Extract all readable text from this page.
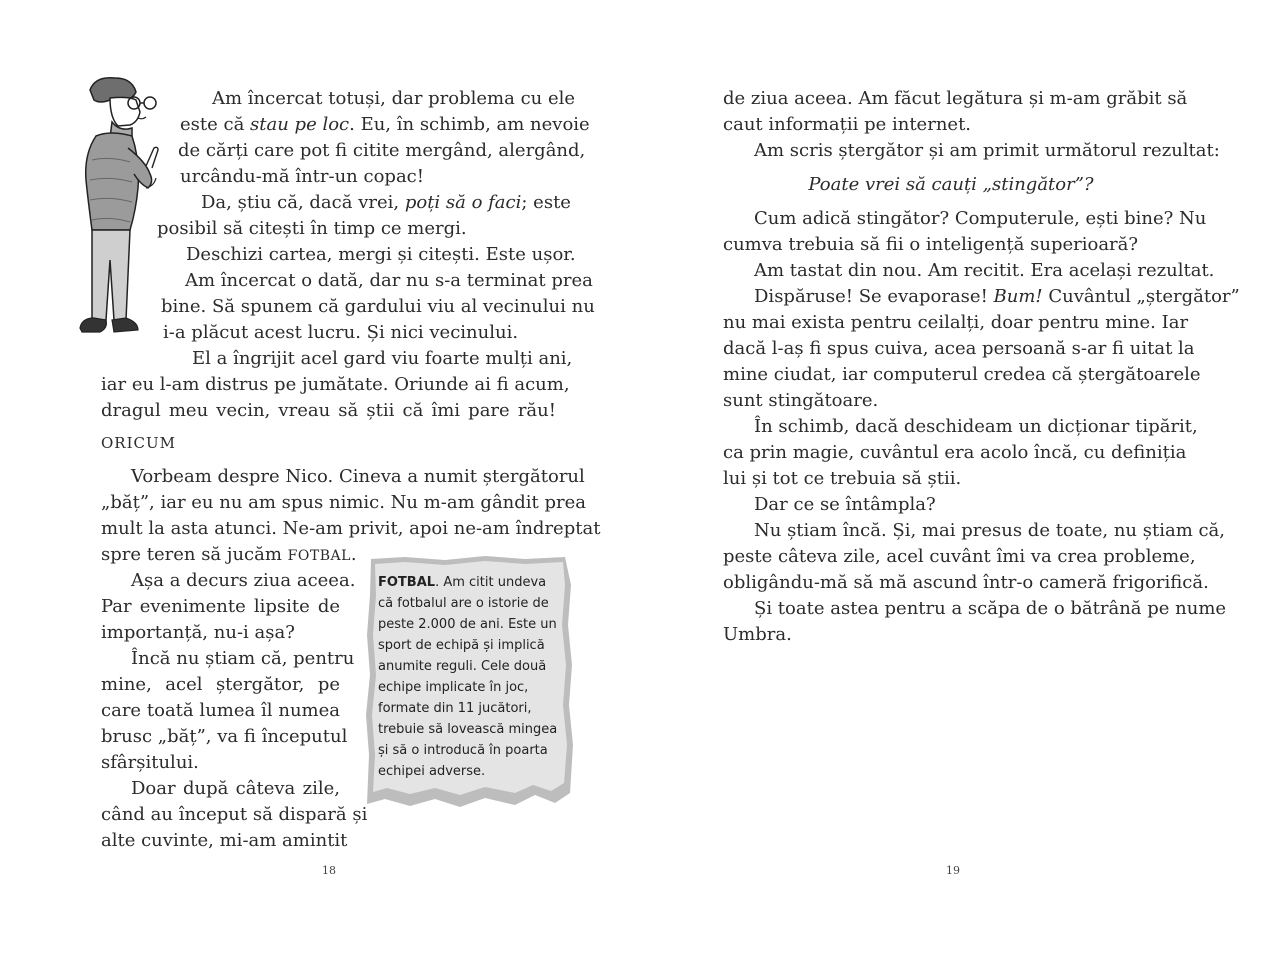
Am încercat totuși, dar problema cu ele

este că stau pe loc. Eu, în schimb, am nevoie

de cărți care pot fi citite mergând, alergând,

urcându-mă într-un copac!

Da, știu că, dacă vrei, poți să o faci; este

posibil să citești în timp ce mergi.

Deschizi cartea, mergi și citești. Este ușor.

Am încercat o dată, dar nu s-a terminat prea

bine. Să spunem că gardului viu al vecinului nu

i-a plăcut acest lucru. Și nici vecinului.

El a îngrijit acel gard viu foarte mulți ani,

iar eu l-am distrus pe jumătate. Oriunde ai fi acum,

dragul meu vecin, vreau să știi că îmi pare rău!

ORICUM

Vorbeam despre Nico. Cineva a numit ștergătorul

„băț”, iar eu nu am spus nimic. Nu m-am gândit prea

mult la asta atunci. Ne-am privit, apoi ne-am îndreptat

spre teren să jucăm FOTBAL.

Așa a decurs ziua aceea.

Par evenimente lipsite de

importanță, nu-i așa?

Încă nu știam că, pentru

mine, acel ștergător, pe

care toată lumea îl numea

brusc „băț”, va fi începutul

sfârșitului.

Doar după câteva zile,

când au început să dispară și

alte cuvinte, mi-am amintit

FOTBAL. Am citit undeva

că fotbalul are o istorie de

peste 2.000 de ani. Este un

sport de echipă și implică

anumite reguli. Cele două

echipe implicate în joc,

formate din 11 jucători,

trebuie să lovească mingea

și să o introducă în poarta

echipei adverse.

18

de ziua aceea. Am făcut legătura și m-am grăbit să

caut informații pe internet.

Am scris ștergător și am primit următorul rezultat:

Poate vrei să cauți „stingător”?

Cum adică stingător? Computerule, ești bine? Nu

cumva trebuia să fii o inteligență superioară?

Am tastat din nou. Am recitit. Era același rezultat.

Dispăruse! Se evaporase! Bum! Cuvântul „ștergător”

nu mai exista pentru ceilalți, doar pentru mine. Iar

dacă l-aș fi spus cuiva, acea persoană s-ar fi uitat la

mine ciudat, iar computerul credea că ștergătoarele

sunt stingătoare.

În schimb, dacă deschideam un dicționar tipărit,

ca prin magie, cuvântul era acolo încă, cu definiția

lui și tot ce trebuia să știi.

Dar ce se întâmpla?

Nu știam încă. Și, mai presus de toate, nu știam că,

peste câteva zile, acel cuvânt îmi va crea probleme,

obligându-mă să mă ascund într-o cameră frigorifică.

Și toate astea pentru a scăpa de o bătrână pe nume

Umbra.

19
